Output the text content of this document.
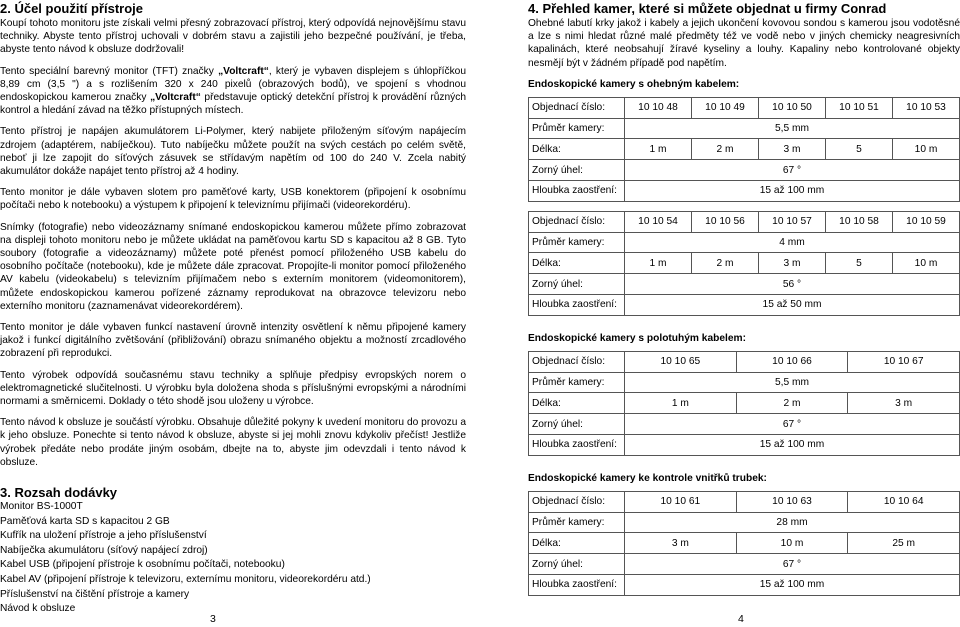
2. Účel použití přístroje

Koupí tohoto monitoru jste získali velmi přesný zobrazovací přístroj, který odpovídá nejnovějšímu stavu techniky. Abyste tento přístroj uchovali v dobrém stavu a zajistili jeho bezpečné používání, je třeba, abyste tento návod k obsluze dodržovali!

Tento speciální barevný monitor (TFT) značky „Voltcraft“, který je vybaven displejem s úhlopříčkou 8,89 cm (3,5 ") a s rozlišením 320 x 240 pixelů (obrazových bodů), ve spojení s vhodnou endoskopickou kamerou značky „Voltcraft“ představuje optický detekční přístroj k provádění různých kontrol a hledání závad na těžko přístupných místech.

Tento přístroj je napájen akumulátorem Li-Polymer, který nabijete přiloženým síťovým napájecím zdrojem (adaptérem, nabíječkou). Tuto nabíječku můžete použít na svých cestách po celém světě, neboť ji lze zapojit do síťových zásuvek se střídavým napětím od 100 do 240 V. Zcela nabitý akumulátor dokáže napájet tento přístroj až 4 hodiny.

Tento monitor je dále vybaven slotem pro paměťové karty, USB konektorem (připojení k osobnímu počítači nebo k notebooku) a výstupem k připojení k televiznímu přijímači (videorekordéru).

Snímky (fotografie) nebo videozáznamy snímané endoskopickou kamerou můžete přímo zobrazovat na displeji tohoto monitoru nebo je můžete ukládat na paměťovou kartu SD s kapacitou až 8 GB. Tyto soubory (fotografie a videozáznamy) můžete poté přenést pomocí přiloženého USB kabelu do osobního počítače (notebooku), kde je můžete dále zpracovat. Propojíte-li monitor pomocí přiloženého AV kabelu (videokabelu) s televizním přijímačem nebo s externím monitorem (videomonitorem), můžete endoskopickou kamerou pořízené záznamy reprodukovat na obrazovce televizoru nebo externího monitoru (zaznamenávat videorekordérem).

Tento monitor je dále vybaven funkcí nastavení úrovně intenzity osvětlení k němu připojené kamery jakož i funkcí digitálního zvětšování (přibližování) obrazu snímaného objektu a možností zrcadlového zobrazení při reprodukci.

Tento výrobek odpovídá současnému stavu techniky a splňuje předpisy evropských norem o elektromagnetické slučitelnosti. U výrobku byla doložena shoda s příslušnými evropskými a národními normami a směrnicemi. Doklady o této shodě jsou uloženy u výrobce.

Tento návod k obsluze je součástí výrobku. Obsahuje důležité pokyny k uvedení monitoru do provozu a k jeho obsluze. Ponechte si tento návod k obsluze, abyste si jej mohli znovu kdykoliv přečíst! Jestliže výrobek předáte nebo prodáte jiným osobám, dbejte na to, abyste jim odevzdali i tento návod k obsluze.

3. Rozsah dodávky

Monitor BS-1000T

Paměťová karta SD s kapacitou 2 GB

Kufřík na uložení přístroje a jeho příslušenství

Nabíječka akumulátoru (síťový napájecí zdroj)

Kabel USB (připojení přístroje k osobnímu počítači, notebooku)

Kabel AV (připojení přístroje k televizoru, externímu monitoru, videorekordéru atd.)

Příslušenství na čištění přístroje a kamery

Návod k obsluze

3
4. Přehled kamer, které si můžete objednat u firmy Conrad

Ohebné labutí krky jakož i kabely a jejich ukončení kovovou sondou s kamerou jsou vodotěsné a lze s nimi hledat různé malé předměty též ve vodě nebo v jiných chemicky neagresivních kapalinách, které neobsahují žíravé kyseliny a louhy. Kapaliny nebo kontrolované objekty nesmějí být v žádném případě pod napětím.

Endoskopické kamery s ohebným kabelem:

Objednací číslo:	10 10 48	10 10 49	10 10 50	10 10 51	10 10 53
Průměr kamery:	5,5 mm				
Délka:	1 m	2 m	3 m	5	10 m
Zorný úhel:	67 °				
Hloubka zaostření:	15 až 100 mm				
Objednací číslo:	10 10 54	10 10 56	10 10 57	10 10 58	10 10 59
Průměr kamery:	4 mm				
Délka:	1 m	2 m	3 m	5	10 m
Zorný úhel:	56 °				
Hloubka zaostření:	15 až 50 mm				

Endoskopické kamery s polotuhým kabelem:

Objednací číslo:	10 10 65	10 10 66	10 10 67
Průměr kamery:	5,5 mm		
Délka:	1 m	2 m	3 m
Zorný úhel:	67 °		
Hloubka zaostření:	15 až 100 mm		

Endoskopické kamery ke kontrole vnitřků trubek:

Objednací číslo:	10 10 61	10 10 63	10 10 64
Průměr kamery:	28 mm		
Délka:	3 m	10 m	25 m
Zorný úhel:	67 °		
Hloubka zaostření:	15 až 100 mm		
4
